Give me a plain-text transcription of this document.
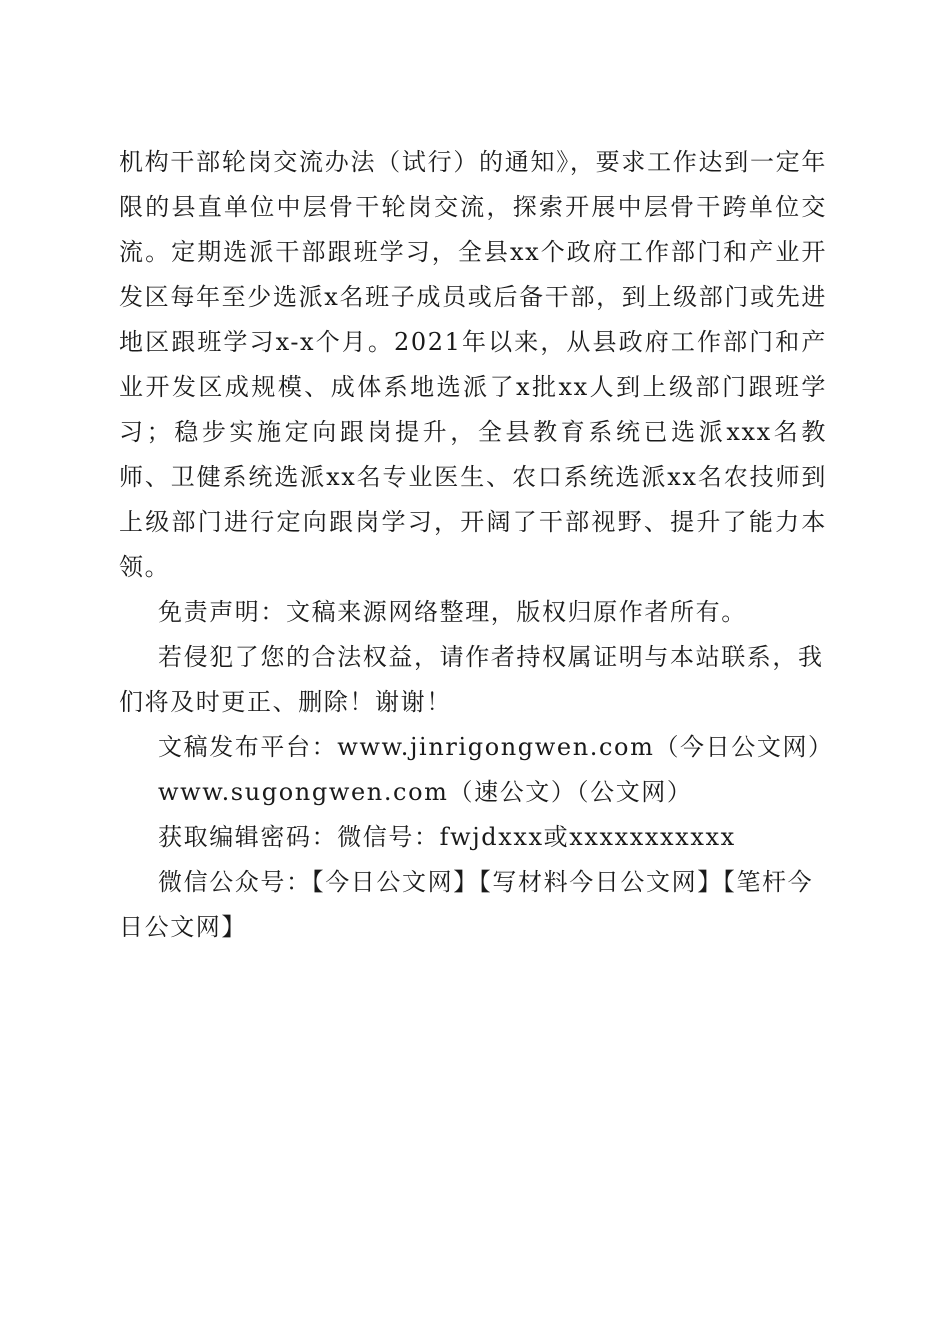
机构干部轮岗交流办法（试行）的通知》，要求工作达到一定年限的县直单位中层骨干轮岗交流，探索开展中层骨干跨单位交流。定期选派干部跟班学习，全县xx个政府工作部门和产业开发区每年至少选派x名班子成员或后备干部，到上级部门或先进地区跟班学习x-x个月。2021年以来，从县政府工作部门和产业开发区成规模、成体系地选派了x批xx人到上级部门跟班学习；稳步实施定向跟岗提升，全县教育系统已选派xxx名教师、卫健系统选派xx名专业医生、农口系统选派xx名农技师到上级部门进行定向跟岗学习，开阔了干部视野、提升了能力本领。

免责声明：文稿来源网络整理，版权归原作者所有。

若侵犯了您的合法权益，请作者持权属证明与本站联系，我们将及时更正、删除！谢谢！

文稿发布平台：www.jinrigongwen.com（今日公文网）

www.sugongwen.com（速公文）（公文网）

获取编辑密码：微信号：fwjdxxx或xxxxxxxxxxx

微信公众号：【今日公文网】【写材料今日公文网】【笔杆今日公文网】
